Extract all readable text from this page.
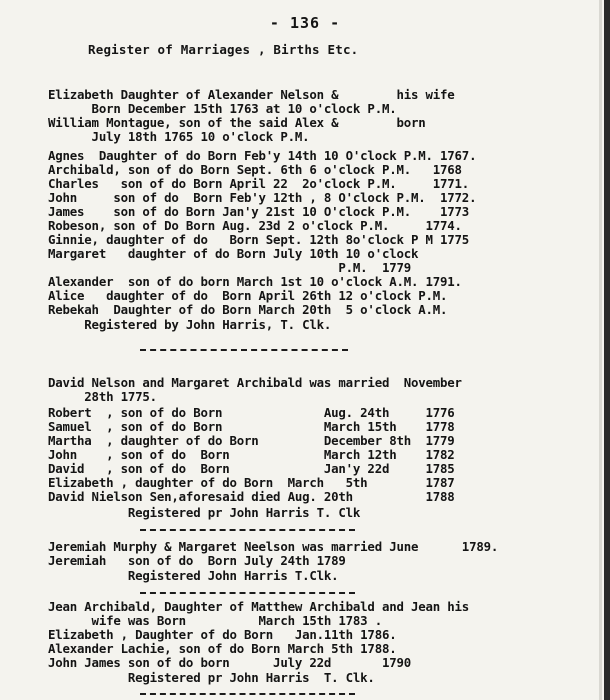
- 136 -
Register of Marriages , Births Etc.
Elizabeth Daughter of Alexander Nelson &        his wife
Born December 15th 1763 at 10 o'clock P.M.
William Montague, son of the said Alex &        born
July 18th 1765 10 o'clock P.M.
Agnes  Daughter of do Born Feb'y 14th 10 O'clock P.M. 1767.
Archibald, son of do Born Sept. 6th 6 o'clock P.M.   1768
Charles   son of do Born April 22  2o'clock P.M.     1771.
John     son of do  Born Feb'y 12th , 8 O'clock P.M.  1772.
James    son of do Born Jan'y 21st 10 O'clock P.M.    1773
Robeson, son of Do Born Aug. 23d 2 o'clock P.M.     1774.
Ginnie, daughter of do   Born Sept. 12th 8o'clock P M 1775
Margaret   daughter of do Born July 10th 10 o'clock
P.M.  1779
Alexander  son of do born March 1st 10 o'clock A.M. 1791.
Alice   daughter of do  Born April 26th 12 o'clock P.M.
Rebekah  Daughter of do Born March 20th  5 o'clock A.M.
Registered by John Harris, T. Clk.
David Nelson and Margaret Archibald was married  November
28th 1775.
Robert  , son of do Born              Aug. 24th     1776
Samuel  , son of do Born              March 15th    1778
Martha  , daughter of do Born         December 8th  1779
John    , son of do  Born             March 12th    1782
David   , son of do  Born             Jan'y 22d     1785
Elizabeth , daughter of do Born  March   5th        1787
David Nielson Sen,aforesaid died Aug. 20th          1788
Registered pr John Harris T. Clk
Jeremiah Murphy & Margaret Neelson was married June      1789.
Jeremiah   son of do  Born July 24th 1789
Registered John Harris T.Clk.
Jean Archibald, Daughter of Matthew Archibald and Jean his
wife was Born          March 15th 1783 .
Elizabeth , Daughter of do Born   Jan.11th 1786.
Alexander Lachie, son of do Born March 5th 1788.
John James son of do born      July 22d       1790
Registered pr John Harris  T. Clk.
